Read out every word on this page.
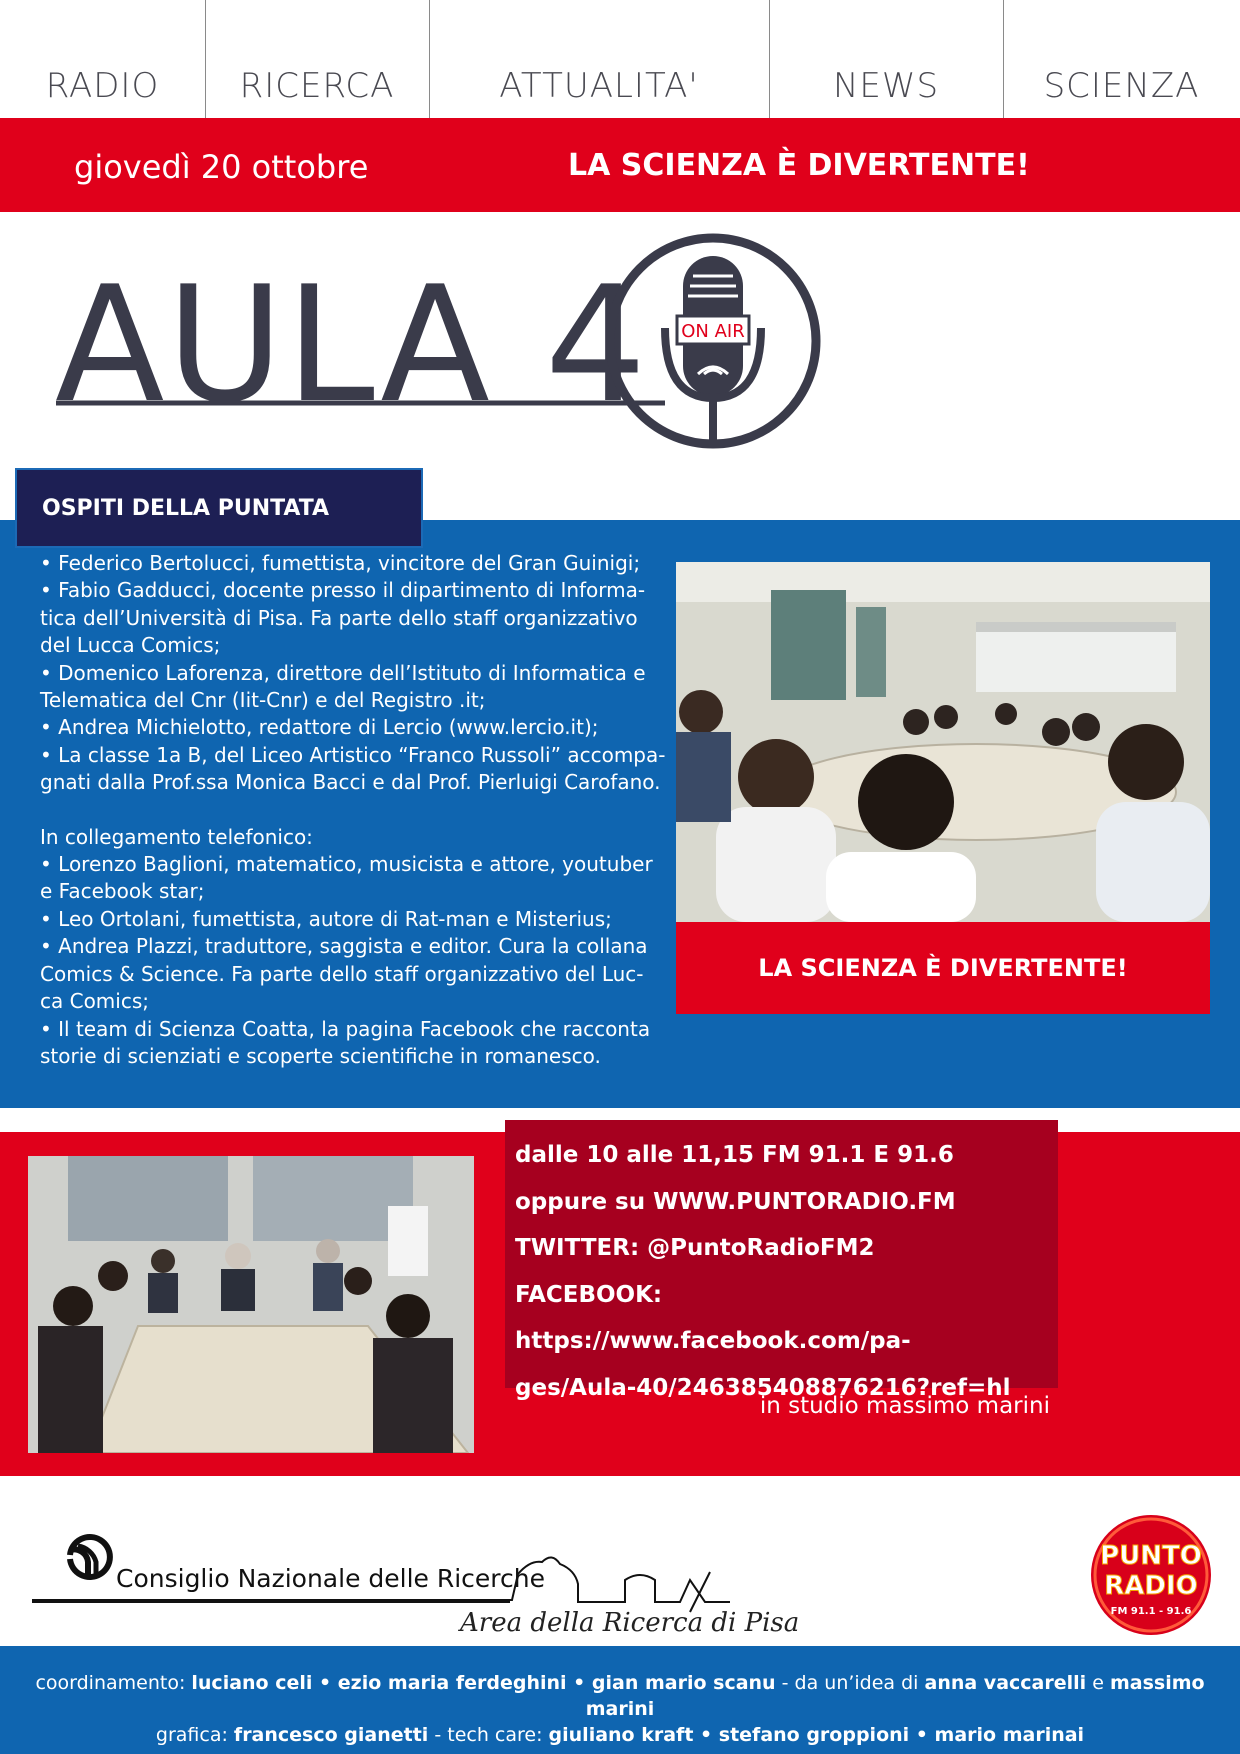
RADIO	RICERCA	ATTUALITA'	NEWS	SCIENZA
giovedì 20 ottobre	LA SCIENZA È DIVERTENTE!
AULA 4 ON AIR
OSPITI DELLA PUNTATA

• Federico Bertolucci, fumettista, vincitore del Gran Guinigi;

• Fabio Gadducci, docente presso il dipartimento di Informa-

tica dell’Università di Pisa. Fa parte dello staff organizzativo

del Lucca Comics;

• Domenico Laforenza, direttore dell’Istituto di Informatica e

Telematica del Cnr (Iit-Cnr) e del Registro .it;

• Andrea Michielotto, redattore di Lercio (www.lercio.it);

• La classe 1a B, del Liceo Artistico “Franco Russoli” accompa-

gnati dalla Prof.ssa Monica Bacci e dal Prof. Pierluigi Carofano.

In collegamento telefonico:

• Lorenzo Baglioni, matematico, musicista e attore, youtuber

e Facebook star;

• Leo Ortolani, fumettista, autore di Rat-man e Misterius;

• Andrea Plazzi, traduttore, saggista e editor. Cura la collana

Comics & Science. Fa parte dello staff organizzativo del Luc-

ca Comics;

• Il team di Scienza Coatta, la pagina Facebook che racconta

storie di scienziati e scoperte scientifiche in romanesco.

LA SCIENZA È DIVERTENTE!
dalle 10 alle 11,15 FM 91.1 E 91.6
oppure su WWW.PUNTORADIO.FM
TWITTER: @PuntoRadioFM2
FACEBOOK: https://www.facebook.com/pa-
ges/Aula-40/246385408876216?ref=hl
in studio massimo marini
Consiglio Nazionale delle Ricerche
Area della Ricerca di Pisa
PUNTO
RADIO
FM 91.1 - 91.6
coordinamento: luciano celi • ezio maria ferdeghini • gian mario scanu - da un’idea di anna vaccarelli e massimo marini
grafica: francesco gianetti - tech care: giuliano kraft • stefano groppioni • mario marinai
